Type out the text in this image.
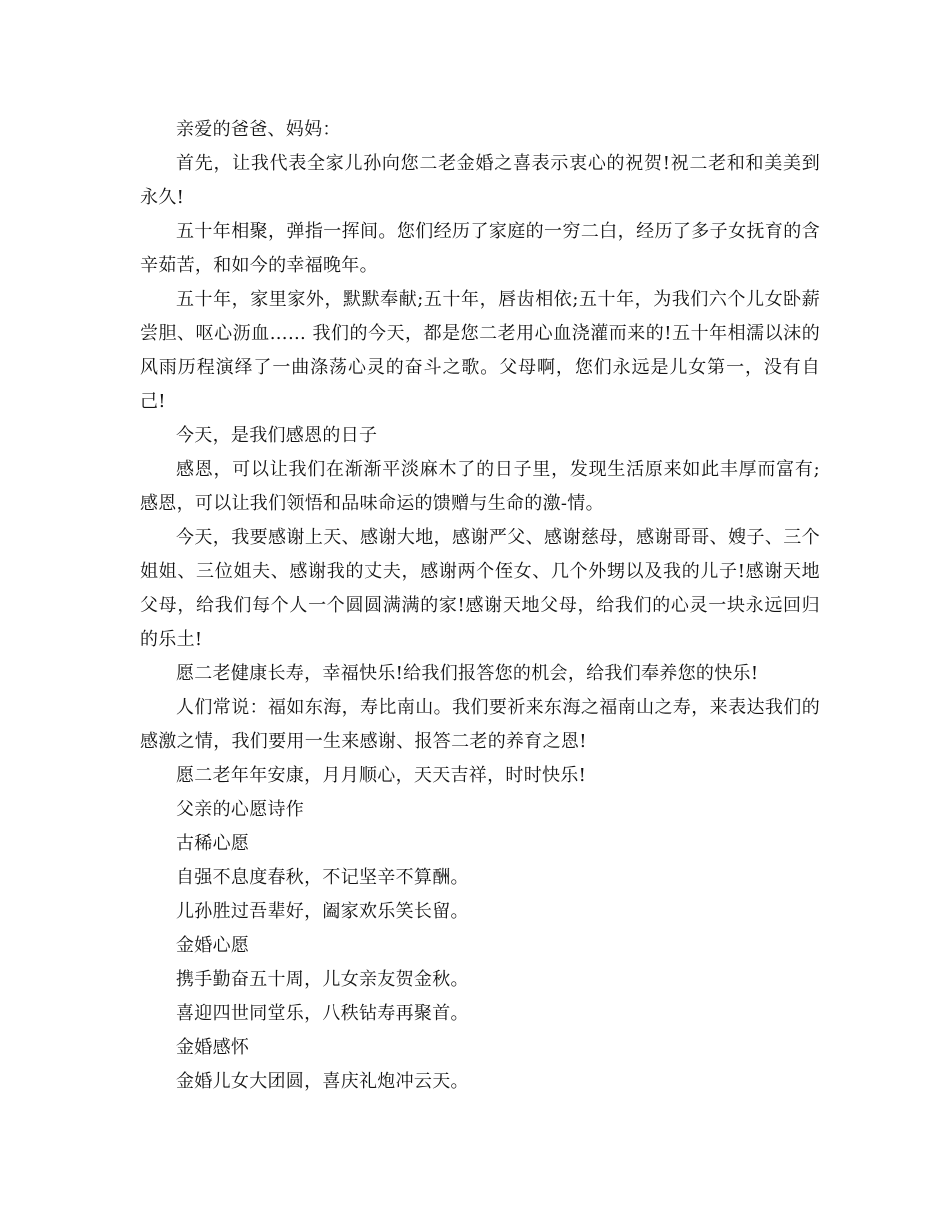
亲爱的爸爸、妈妈：

首先，让我代表全家儿孙向您二老金婚之喜表示衷心的祝贺!祝二老和和美美到永久!

五十年相聚，弹指一挥间。您们经历了家庭的一穷二白，经历了多子女抚育的含辛茹苦，和如今的幸福晚年。

五十年，家里家外，默默奉献;五十年，唇齿相依;五十年，为我们六个儿女卧薪尝胆、呕心沥血…… 我们的今天，都是您二老用心血浇灌而来的!五十年相濡以沫的风雨历程演绎了一曲涤荡心灵的奋斗之歌。父母啊，您们永远是儿女第一，没有自己!

今天，是我们感恩的日子

感恩，可以让我们在渐渐平淡麻木了的日子里，发现生活原来如此丰厚而富有;感恩，可以让我们领悟和品味命运的馈赠与生命的激-情。

今天，我要感谢上天、感谢大地，感谢严父、感谢慈母，感谢哥哥、嫂子、三个姐姐、三位姐夫、感谢我的丈夫，感谢两个侄女、几个外甥以及我的儿子!感谢天地父母，给我们每个人一个圆圆满满的家!感谢天地父母，给我们的心灵一块永远回归的乐土!

愿二老健康长寿，幸福快乐!给我们报答您的机会，给我们奉养您的快乐!

人们常说：福如东海，寿比南山。我们要祈来东海之福南山之寿，来表达我们的感激之情，我们要用一生来感谢、报答二老的养育之恩!

愿二老年年安康，月月顺心，天天吉祥，时时快乐!

父亲的心愿诗作

古稀心愿

自强不息度春秋，不记坚辛不算酬。

儿孙胜过吾辈好，阖家欢乐笑长留。

金婚心愿

携手勤奋五十周，儿女亲友贺金秋。

喜迎四世同堂乐，八秩钻寿再聚首。

金婚感怀

金婚儿女大团圆，喜庆礼炮冲云天。
